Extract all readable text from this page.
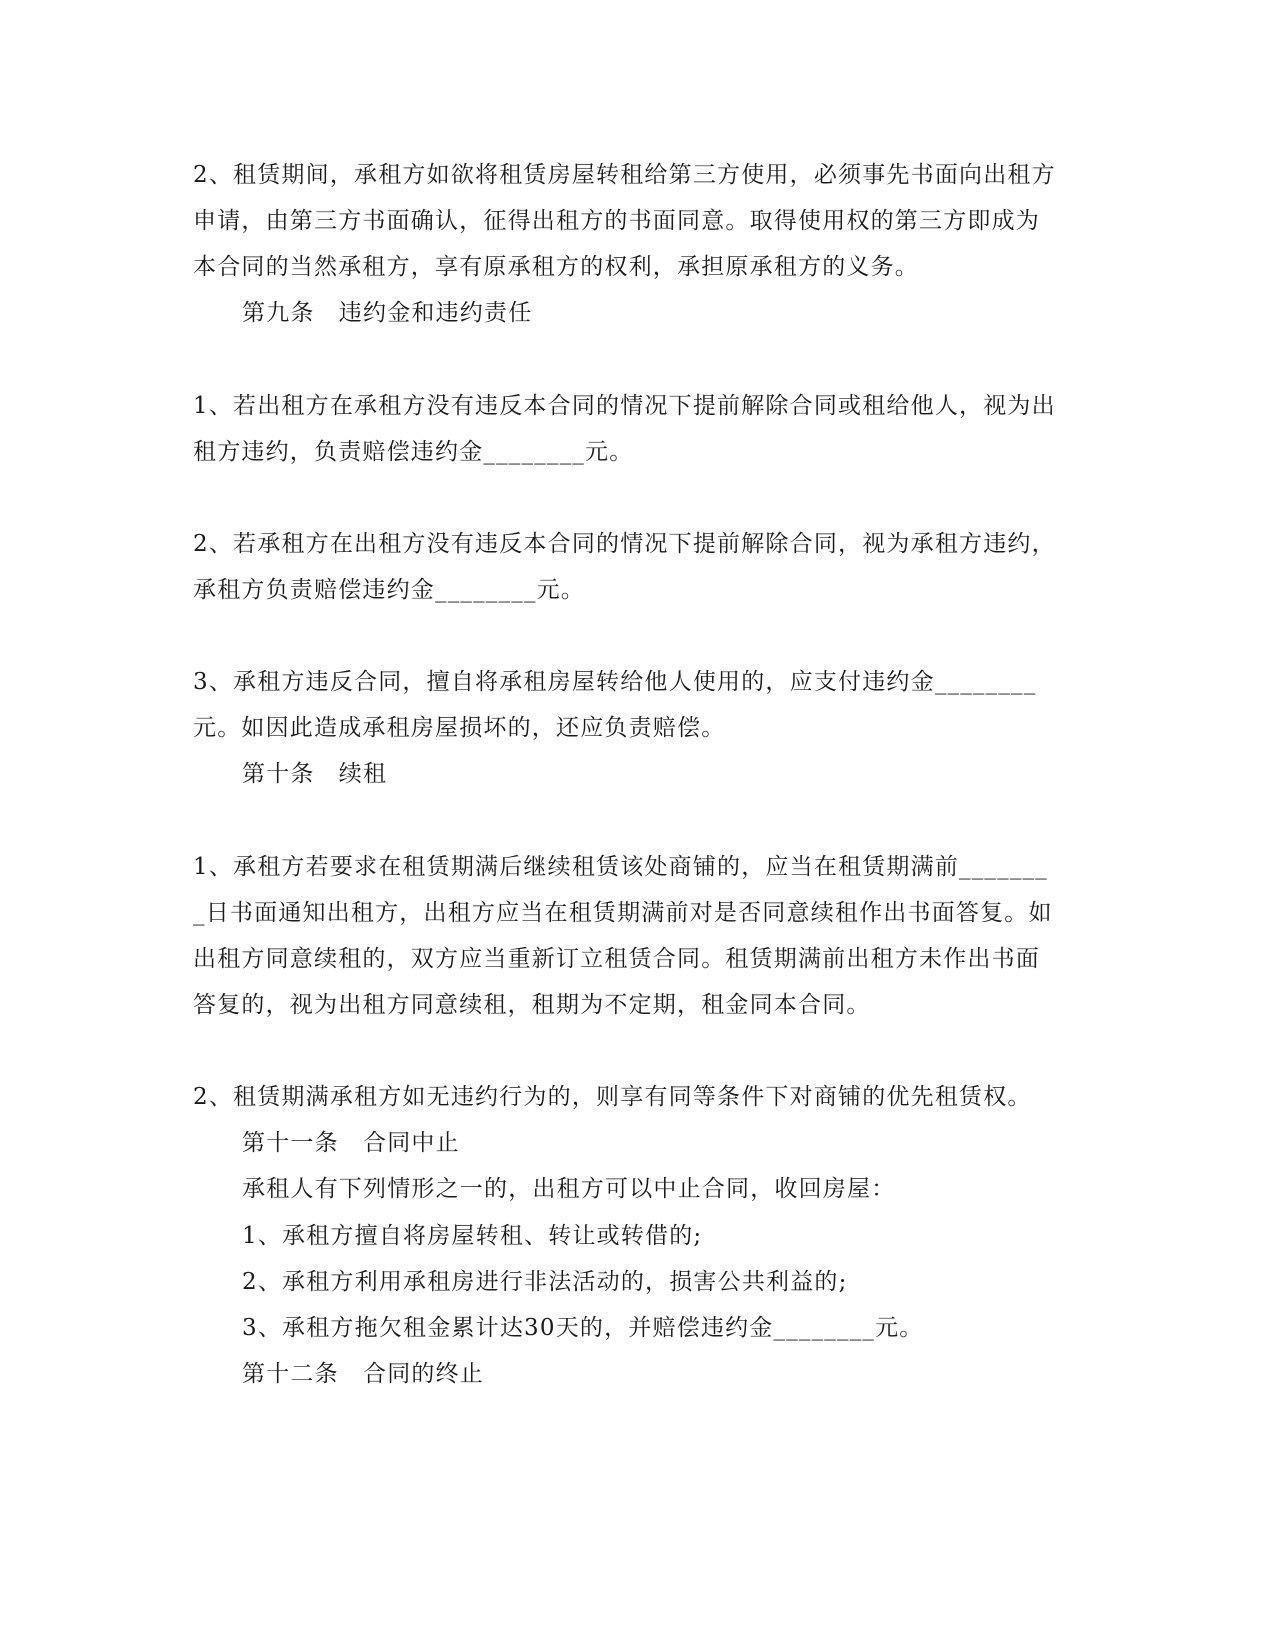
2、租赁期间，承租方如欲将租赁房屋转租给第三方使用，必须事先书面向出租方
申请，由第三方书面确认，征得出租方的书面同意。取得使用权的第三方即成为
本合同的当然承租方，享有原承租方的权利，承担原承租方的义务。
第九条　违约金和违约责任
1、若出租方在承租方没有违反本合同的情况下提前解除合同或租给他人，视为出
租方违约，负责赔偿违约金________元。
2、若承租方在出租方没有违反本合同的情况下提前解除合同，视为承租方违约，
承租方负责赔偿违约金________元。
3、承租方违反合同，擅自将承租房屋转给他人使用的，应支付违约金________
元。如因此造成承租房屋损坏的，还应负责赔偿。
第十条　续租
1、承租方若要求在租赁期满后继续租赁该处商铺的，应当在租赁期满前_______
_日书面通知出租方，出租方应当在租赁期满前对是否同意续租作出书面答复。如
出租方同意续租的，双方应当重新订立租赁合同。租赁期满前出租方未作出书面
答复的，视为出租方同意续租，租期为不定期，租金同本合同。
2、租赁期满承租方如无违约行为的，则享有同等条件下对商铺的优先租赁权。
第十一条　合同中止
承租人有下列情形之一的，出租方可以中止合同，收回房屋：
1、承租方擅自将房屋转租、转让或转借的;
2、承租方利用承租房进行非法活动的，损害公共利益的;
3、承租方拖欠租金累计达30天的，并赔偿违约金________元。
第十二条　合同的终止
